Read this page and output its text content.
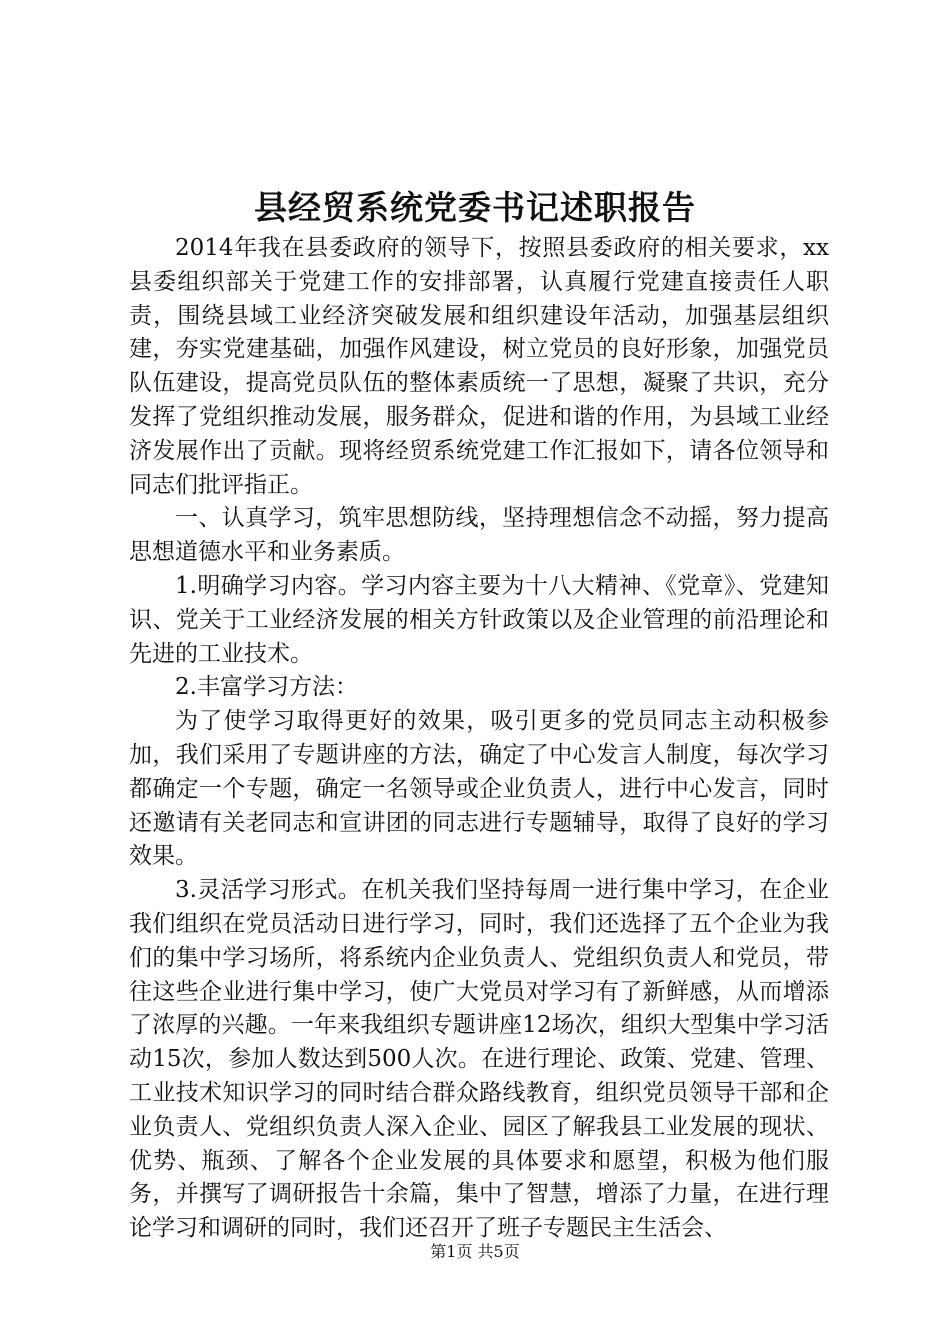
县经贸系统党委书记述职报告

2014年我在县委政府的领导下，按照县委政府的相关要求，xx县委组织部关于党建工作的安排部署，认真履行党建直接责任人职责，围绕县域工业经济突破发展和组织建设年活动，加强基层组织建，夯实党建基础，加强作风建设，树立党员的良好形象，加强党员队伍建设，提高党员队伍的整体素质统一了思想，凝聚了共识，充分发挥了党组织推动发展，服务群众，促进和谐的作用，为县域工业经济发展作出了贡献。现将经贸系统党建工作汇报如下，请各位领导和同志们批评指正。

一、认真学习，筑牢思想防线，坚持理想信念不动摇，努力提高思想道德水平和业务素质。

1.明确学习内容。学习内容主要为十八大精神、《党章》、党建知识、党关于工业经济发展的相关方针政策以及企业管理的前沿理论和先进的工业技术。

2.丰富学习方法：

为了使学习取得更好的效果，吸引更多的党员同志主动积极参加，我们采用了专题讲座的方法，确定了中心发言人制度，每次学习都确定一个专题，确定一名领导或企业负责人，进行中心发言，同时还邀请有关老同志和宣讲团的同志进行专题辅导，取得了良好的学习效果。

3.灵活学习形式。在机关我们坚持每周一进行集中学习，在企业我们组织在党员活动日进行学习，同时，我们还选择了五个企业为我们的集中学习场所，将系统内企业负责人、党组织负责人和党员，带往这些企业进行集中学习，使广大党员对学习有了新鲜感，从而增添了浓厚的兴趣。一年来我组织专题讲座12场次，组织大型集中学习活动15次，参加人数达到500人次。在进行理论、政策、党建、管理、工业技术知识学习的同时结合群众路线教育，组织党员领导干部和企业负责人、党组织负责人深入企业、园区了解我县工业发展的现状、优势、瓶颈、了解各个企业发展的具体要求和愿望，积极为他们服务，并撰写了调研报告十余篇，集中了智慧，增添了力量，在进行理论学习和调研的同时，我们还召开了班子专题民主生活会、

第1页 共5页
